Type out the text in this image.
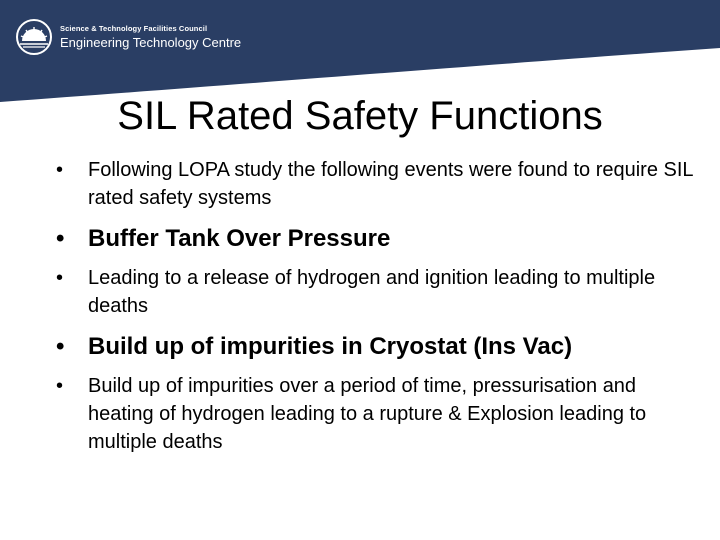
Science & Technology Facilities Council
Engineering Technology Centre
SIL Rated Safety Functions
• Following LOPA study the following events were found to require SIL rated safety systems
• Buffer Tank Over Pressure
• Leading to a release of hydrogen and ignition leading to multiple deaths
• Build up of impurities in Cryostat (Ins Vac)
• Build up of impurities over a period of time, pressurisation and heating of hydrogen leading to a rupture & Explosion leading to multiple deaths
